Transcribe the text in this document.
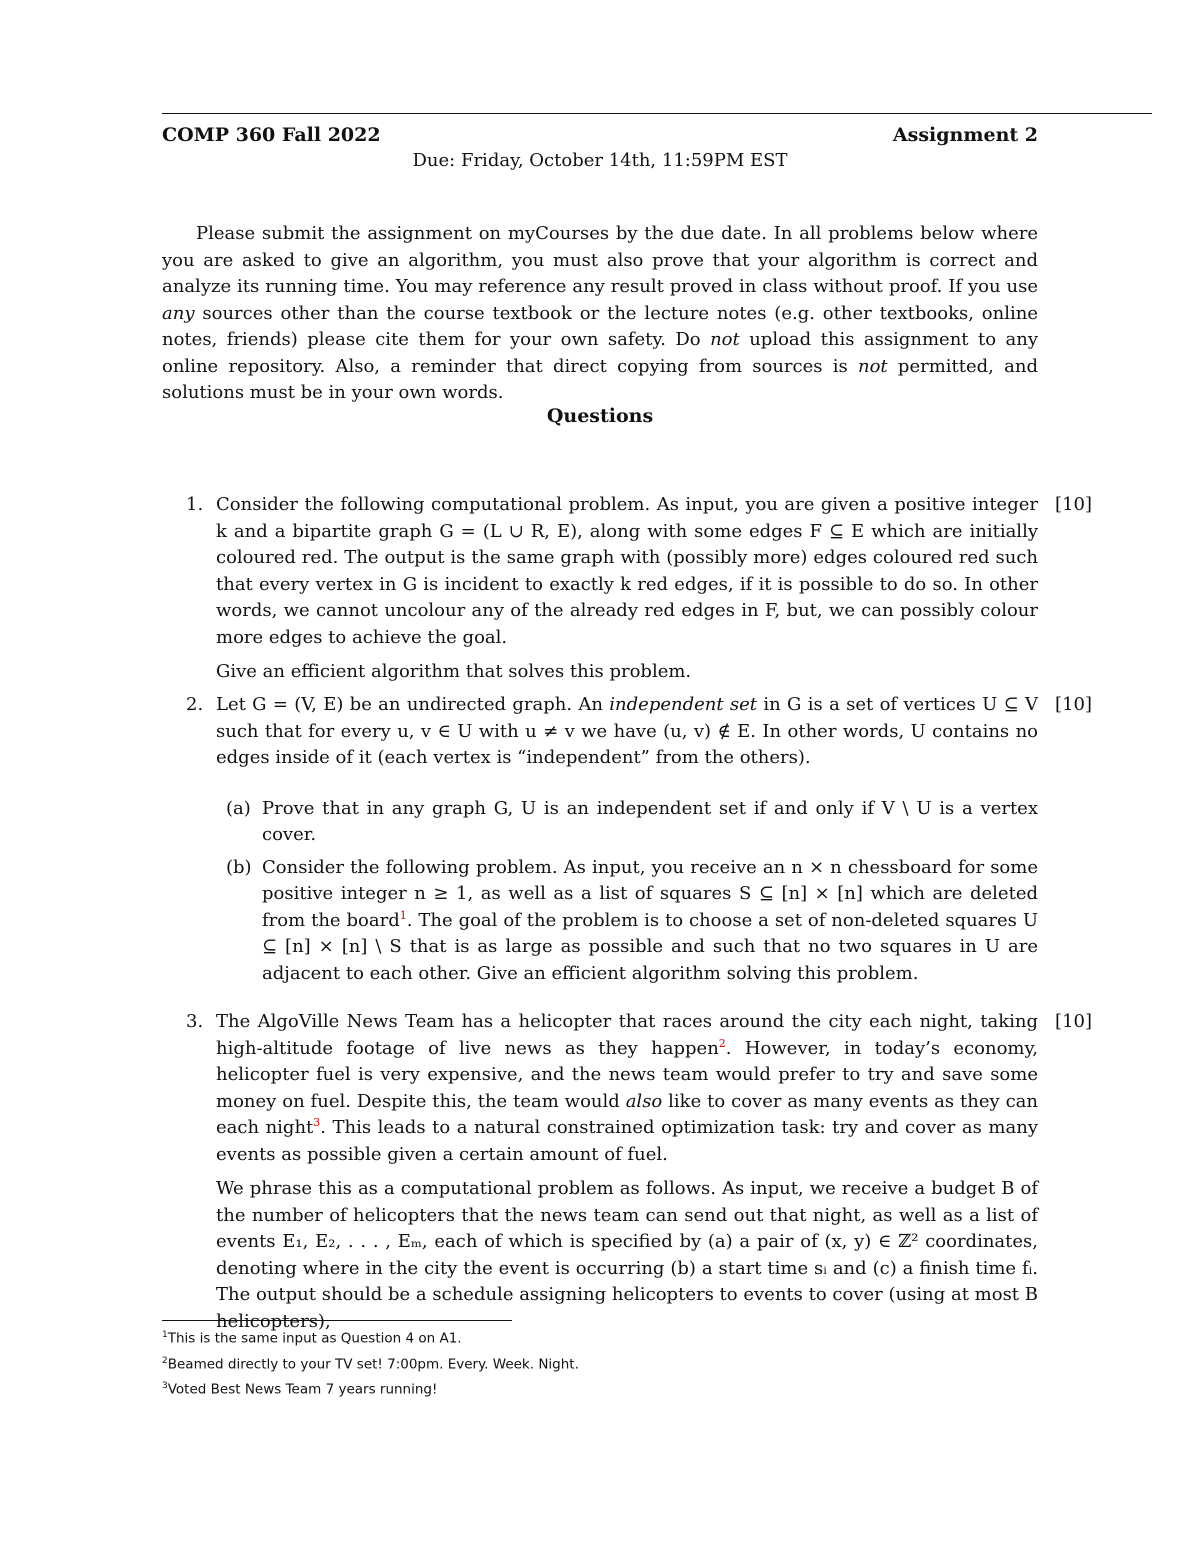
COMP 360 Fall 2022	Assignment 2
Due: Friday, October 14th, 11:59PM EST

Please submit the assignment on myCourses by the due date. In all problems below where you are asked to give an algorithm, you must also prove that your algorithm is correct and analyze its running time. You may reference any result proved in class without proof. If you use any sources other than the course textbook or the lecture notes (e.g. other textbooks, online notes, friends) please cite them for your own safety. Do not upload this assignment to any online repository. Also, a reminder that direct copying from sources is not permitted, and solutions must be in your own words.

Questions
1.	[10]

Consider the following computational problem. As input, you are given a positive integer k and a bipartite graph G = (L ∪ R, E), along with some edges F ⊆ E which are initially coloured red. The output is the same graph with (possibly more) edges coloured red such that every vertex in G is incident to exactly k red edges, if it is possible to do so. In other words, we cannot uncolour any of the already red edges in F, but, we can possibly colour more edges to achieve the goal.

Give an efficient algorithm that solves this problem.

2.	[10]

Let G = (V, E) be an undirected graph. An independent set in G is a set of vertices U ⊆ V such that for every u, v ∈ U with u ≠ v we have (u, v) ∉ E. In other words, U contains no edges inside of it (each vertex is “independent” from the others).

(a) Prove that in any graph G, U is an independent set if and only if V \ U is a vertex cover.
(b) Consider the following problem. As input, you receive an n × n chessboard for some positive integer n ≥ 1, as well as a list of squares S ⊆ [n] × [n] which are deleted from the board$^1$. The goal of the problem is to choose a set of non-deleted squares U ⊆ [n] × [n] \ S that is as large as possible and such that no two squares in U are adjacent to each other. Give an efficient algorithm solving this problem.
3.	[10]

The AlgoVille News Team has a helicopter that races around the city each night, taking high-altitude footage of live news as they happen$^2$. However, in today’s economy, helicopter fuel is very expensive, and the news team would prefer to try and save some money on fuel. Despite this, the team would also like to cover as many events as they can each night$^3$. This leads to a natural constrained optimization task: try and cover as many events as possible given a certain amount of fuel.

We phrase this as a computational problem as follows. As input, we receive a budget B of the number of helicopters that the news team can send out that night, as well as a list of events E₁, E₂, . . . , Eₘ, each of which is specified by (a) a pair of (x, y) ∈ ℤ² coordinates, denoting where in the city the event is occurring (b) a start time sᵢ and (c) a finish time fᵢ. The output should be a schedule assigning helicopters to events to cover (using at most B helicopters),

$^1$This is the same input as Question 4 on A1.
$^2$Beamed directly to your TV set! 7:00pm. Every. Week. Night.
$^3$Voted Best News Team 7 years running!
